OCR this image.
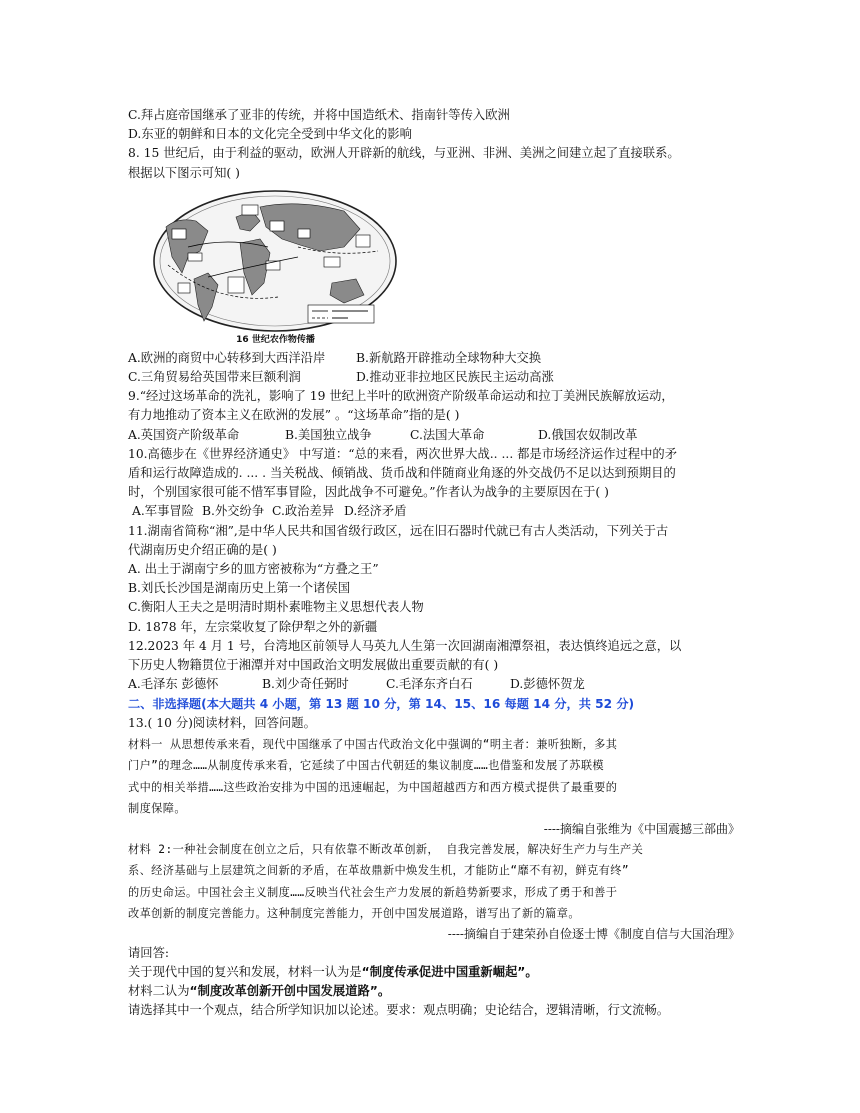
C.拜占庭帝国继承了亚非的传统，并将中国造纸术、指南针等传入欧洲
D.东亚的朝鲜和日本的文化完全受到中华文化的影响
8. 15 世纪后，由于利益的驱动，欧洲人开辟新的航线，与亚洲、非洲、美洲之间建立起了直接联系。
根据以下图示可知( )
16 世纪农作物传播
A.欧洲的商贸中心转移到大西洋沿岸	B.新航路开辟推动全球物种大交换
C.三角贸易给英国带来巨额利润	D.推动亚非拉地区民族民主运动高涨
9.“经过这场革命的洗礼，影响了 19 世纪上半叶的欧洲资产阶级革命运动和拉丁美洲民族解放运动，
有力地推动了资本主义在欧洲的发展” 。“这场革命”指的是( )
A.英国资产阶级革命	B.美国独立战争	C.法国大革命	D.俄国农奴制改革
10.高德步在《世界经济通史》 中写道：“总的来看，两次世界大战.. ... 都是市场经济运作过程中的矛
盾和运行故障造成的. ... . 当关税战、倾销战、货币战和伴随商业角逐的外交战仍不足以达到预期目的
时，个别国家很可能不惜军事冒险，因此战争不可避免。”作者认为战争的主要原因在于( )
A.军事冒险 B.外交纷争 C.政治差异 D.经济矛盾
11.湖南省简称“湘”,是中华人民共和国省级行政区，远在旧石器时代就已有古人类活动，下列关于古
代湖南历史介绍正确的是( )
A. 出土于湖南宁乡的皿方密被称为“方叠之王”
B.刘氏长沙国是湖南历史上第一个诸侯国
C.衡阳人王夫之是明清时期朴素唯物主义思想代表人物
D. 1878 年，左宗棠收复了除伊犁之外的新疆
12.2023 年 4 月 1 号，台湾地区前领导人马英九人生第一次回湖南湘潭祭祖，表达慎终追远之意，以
下历史人物籍贯位于湘潭并对中国政治文明发展做出重要贡献的有( )
A.毛泽东 彭德怀	B.刘少奇任弼时	C.毛泽东齐白石	D.彭德怀贺龙
二、非选择题(本大题共 4 小题，第 13 题 10 分，第 14、15、16 每题 14 分，共 52 分)
13.( 10 分)阅读材料，回答问题。
材料一 从思想传承来看，现代中国继承了中国古代政治文化中强调的“明主者：兼听独断，多其
门户”的理念……从制度传承来看，它延续了中国古代朝廷的集议制度……也借鉴和发展了苏联模
式中的相关举措……这些政治安排为中国的迅速崛起，为中国超越西方和西方模式提供了最重要的
制度保障。
----摘编自张维为《中国震撼三部曲》
材料 2:一种社会制度在创立之后，只有依靠不断改革创新， 自我完善发展，解决好生产力与生产关
系、经济基础与上层建筑之间新的矛盾，在革故鼎新中焕发生机，才能防止“靡不有初，鲜克有终”
的历史命运。中国社会主义制度……反映当代社会生产力发展的新趋势新要求，形成了勇于和善于
改革创新的制度完善能力。这种制度完善能力，开创中国发展道路，谱写出了新的篇章。
----摘编自于建荣孙自俭逐士博《制度自信与大国治理》
请回答:
关于现代中国的复兴和发展，材料一认为是“制度传承促进中国重新崛起”。
材料二认为“制度改革创新开创中国发展道路”。
请选择其中一个观点，结合所学知识加以论述。要求：观点明确；史论结合，逻辑清晰，行文流畅。
